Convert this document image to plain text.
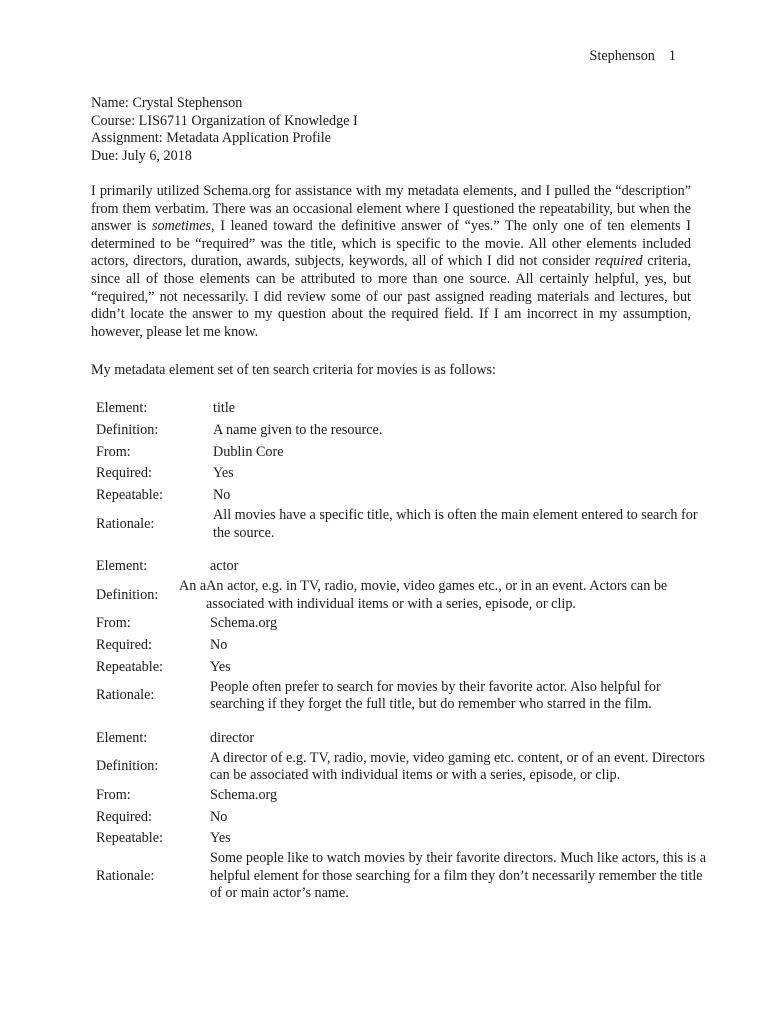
Stephenson 1
Name: Crystal Stephenson
Course: LIS6711 Organization of Knowledge I
Assignment: Metadata Application Profile
Due: July 6, 2018

I primarily utilized Schema.org for assistance with my metadata elements, and I pulled the “description” from them verbatim. There was an occasional element where I questioned the repeatability, but when the answer is sometimes, I leaned toward the definitive answer of “yes.” The only one of ten elements I determined to be “required” was the title, which is specific to the movie. All other elements included actors, directors, duration, awards, subjects, keywords, all of which I did not consider required criteria, since all of those elements can be attributed to more than one source. All certainly helpful, yes, but “required,” not necessarily. I did review some of our past assigned reading materials and lectures, but didn’t locate the answer to my question about the required field. If I am incorrect in my assumption, however, please let me know.

My metadata element set of ten search criteria for movies is as follows:
Element:	title
Definition:	A name given to the resource.
From:	Dublin Core
Required:	Yes
Repeatable:	No
Rationale:
All movies have a specific title, which is often the main element entered to search for the source.
Element:	actor
Definition:
An aAn actor, e.g. in TV, radio, movie, video games etc., or in an event. Actors can be
associated with individual items or with a series, episode, or clip.
From:	Schema.org
Required:	No
Repeatable:	Yes
Rationale:
People often prefer to search for movies by their favorite actor. Also helpful for searching if they forget the full title, but do remember who starred in the film.
Element:	director
Definition:
A director of e.g. TV, radio, movie, video gaming etc. content, or of an event. Directors can be associated with individual items or with a series, episode, or clip.
From:	Schema.org
Required:	No
Repeatable:	Yes
Rationale:
Some people like to watch movies by their favorite directors. Much like actors, this is a helpful element for those searching for a film they don’t necessarily remember the title of or main actor’s name.
